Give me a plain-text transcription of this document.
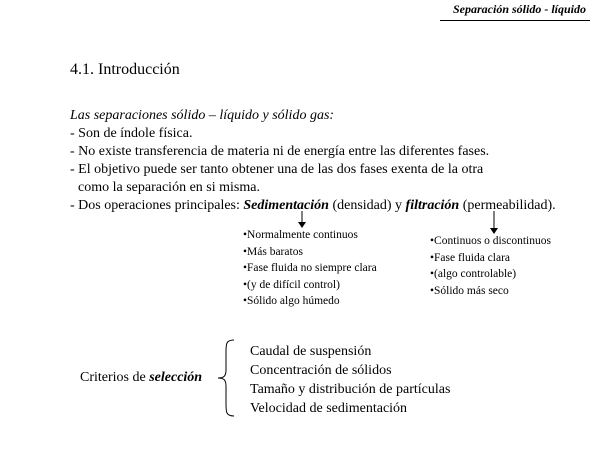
Separación sólido - líquido
4.1. Introducción
Las separaciones sólido – líquido y sólido gas:
- Son de índole física.
- No existe transferencia de materia ni de energía entre las diferentes fases.
- El objetivo puede ser tanto obtener una de las dos fases exenta de la otra
como la separación en si misma.
- Dos operaciones principales: Sedimentación (densidad) y filtración (permeabilidad).
•Normalmente continuos
•Más baratos
•Fase fluida no siempre clara
•(y de difícil control)
•Sólido algo húmedo
•Continuos o discontinuos
•Fase fluida clara
•(algo controlable)
•Sólido más seco
Criterios de selección
Caudal de suspensión
Concentración de sólidos
Tamaño y distribución de partículas
Velocidad de sedimentación
